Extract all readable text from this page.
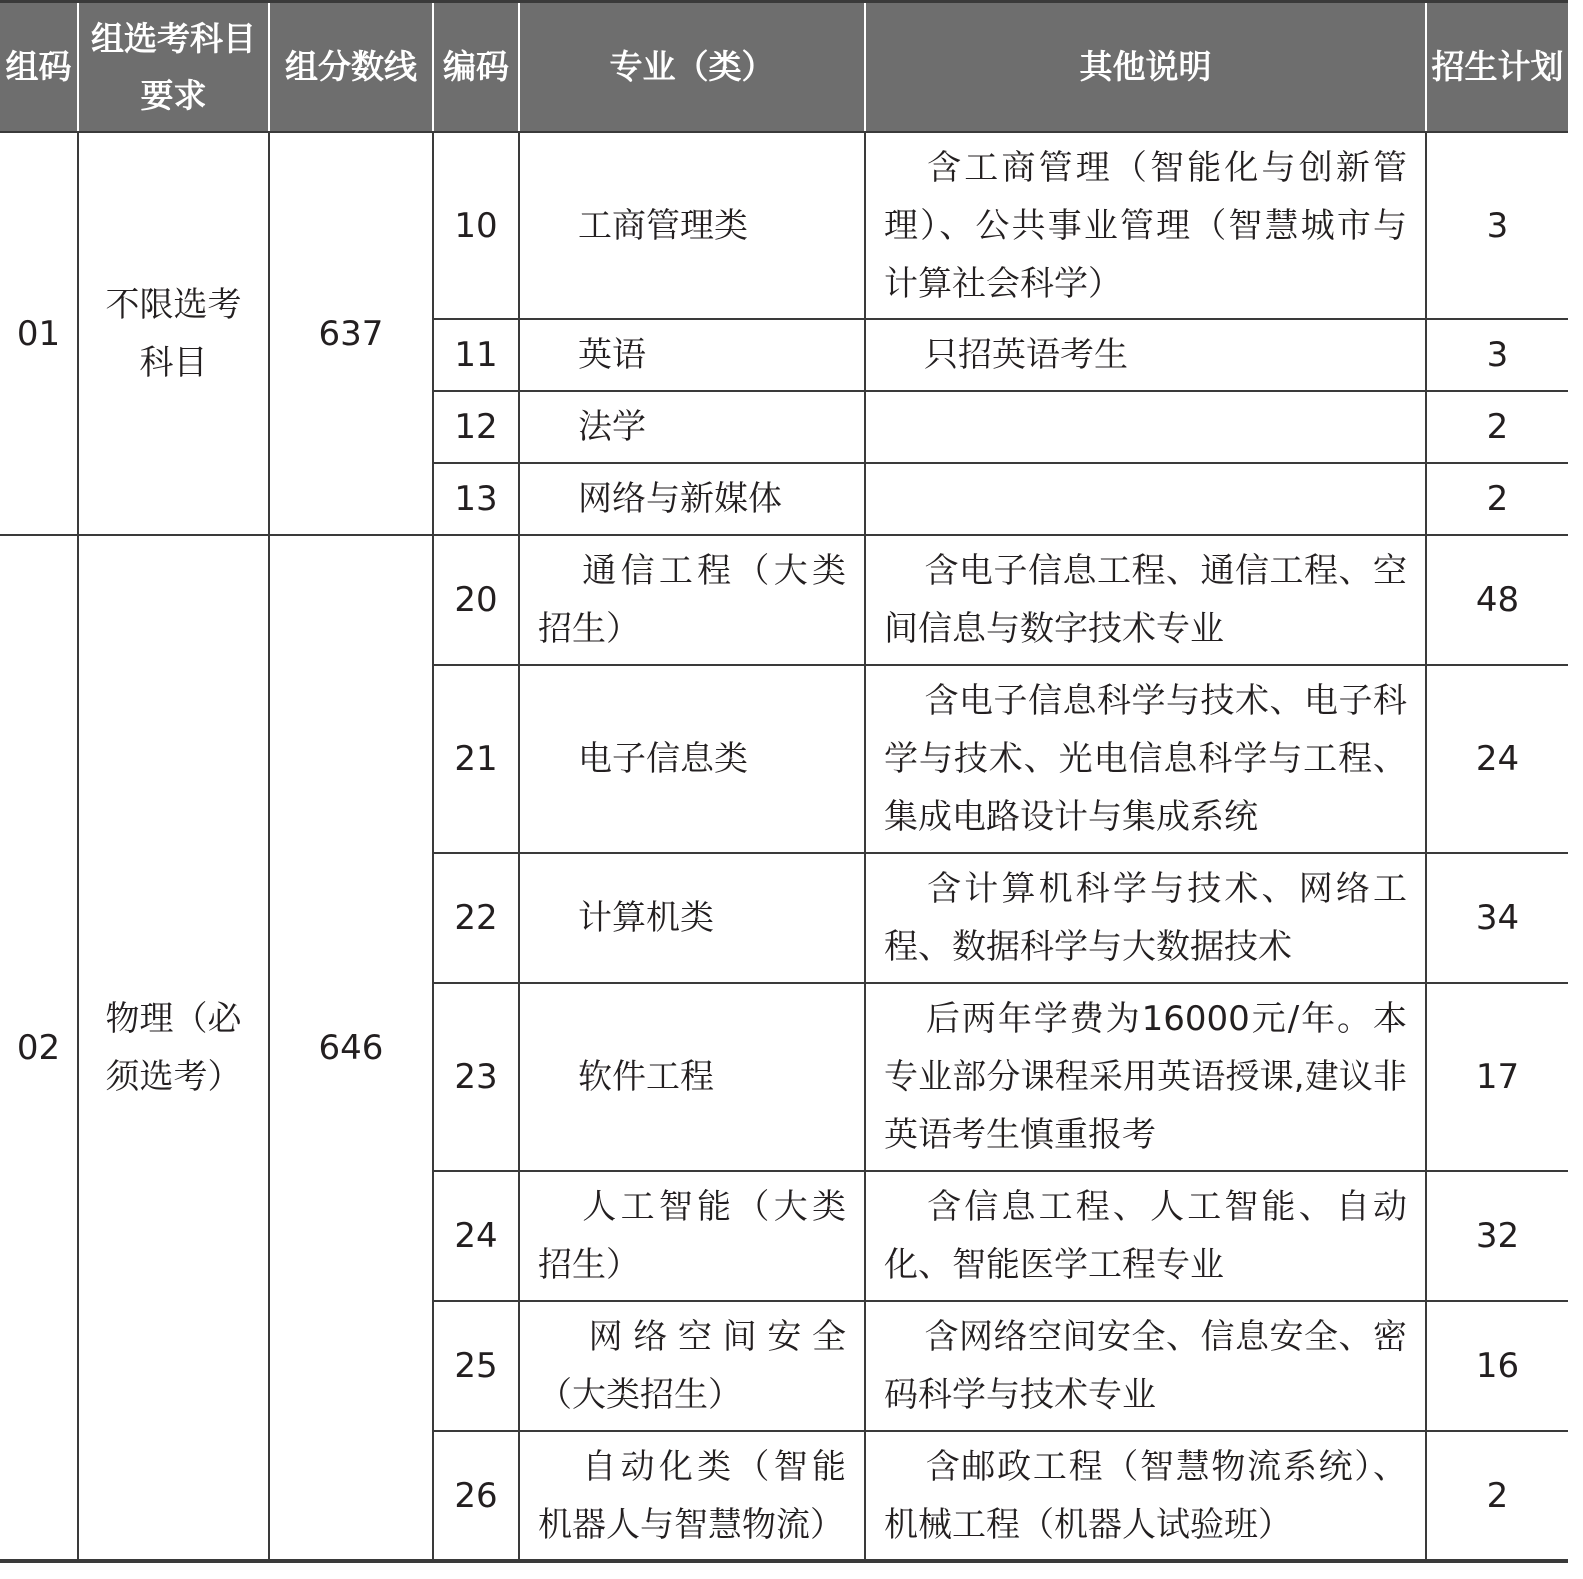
组码	组选考科目要求	组分数线	编码	专业（类）	其他说明	招生计划
01	不限选考科目	637	10	工商管理类	含工商管理（智能化与创新管理）、公共事业管理（智慧城市与计算社会科学）	3
			11	英语	只招英语考生	3
			12	法学		2
			13	网络与新媒体		2
02	物理（必须选考）	646	20	通信工程（大类招生）	含电子信息工程、通信工程、空间信息与数字技术专业	48
			21	电子信息类	含电子信息科学与技术、电子科学与技术、光电信息科学与工程、集成电路设计与集成系统	24
			22	计算机类	含计算机科学与技术、网络工程、数据科学与大数据技术	34
			23	软件工程	后两年学费为16000元/年。本专业部分课程采用英语授课,建议非英语考生慎重报考	17
			24	人工智能（大类招生）	含信息工程、人工智能、自动化、智能医学工程专业	32
			25	网络空间安全（大类招生）	含网络空间安全、信息安全、密码科学与技术专业	16
			26	自动化类（智能机器人与智慧物流）	含邮政工程（智慧物流系统）、机械工程（机器人试验班）	2
